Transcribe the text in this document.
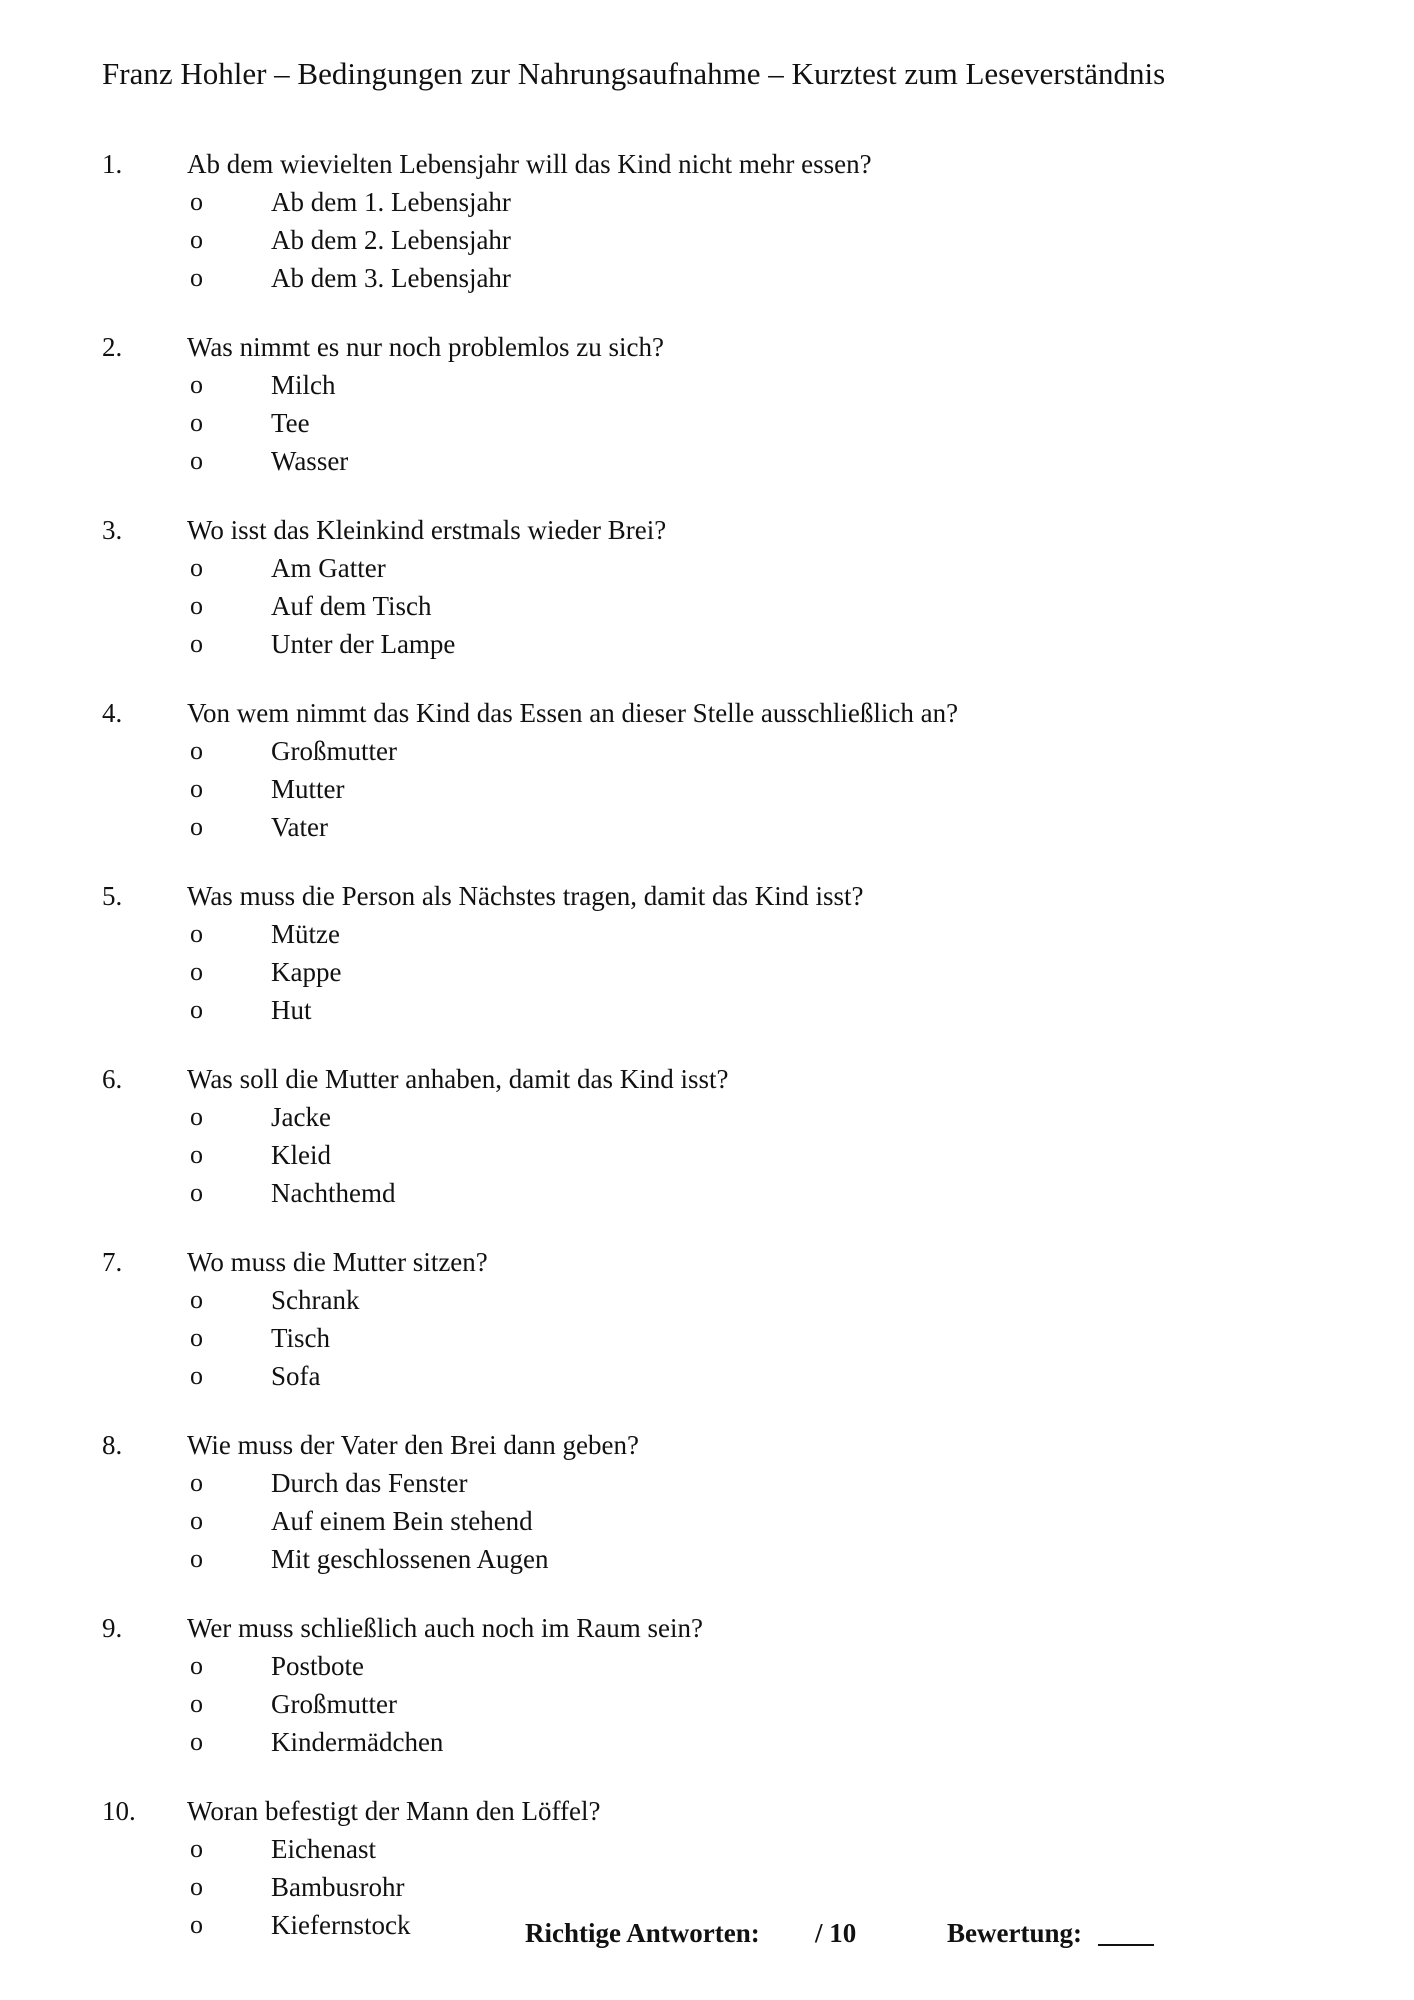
Franz Hohler – Bedingungen zur Nahrungsaufnahme – Kurztest zum Leseverständnis
1. Ab dem wievielten Lebensjahr will das Kind nicht mehr essen?
o	Ab dem 1. Lebensjahr
o	Ab dem 2. Lebensjahr
o	Ab dem 3. Lebensjahr
2. Was nimmt es nur noch problemlos zu sich?
o	Milch
o	Tee
o	Wasser
3. Wo isst das Kleinkind erstmals wieder Brei?
o	Am Gatter
o	Auf dem Tisch
o	Unter der Lampe
4. Von wem nimmt das Kind das Essen an dieser Stelle ausschließlich an?
o	Großmutter
o	Mutter
o	Vater
5. Was muss die Person als Nächstes tragen, damit das Kind isst?
o	Mütze
o	Kappe
o	Hut
6. Was soll die Mutter anhaben, damit das Kind isst?
o	Jacke
o	Kleid
o	Nachthemd
7. Wo muss die Mutter sitzen?
o	Schrank
o	Tisch
o	Sofa
8. Wie muss der Vater den Brei dann geben?
o	Durch das Fenster
o	Auf einem Bein stehend
o	Mit geschlossenen Augen
9. Wer muss schließlich auch noch im Raum sein?
o	Postbote
o	Großmutter
o	Kindermädchen
10. Woran befestigt der Mann den Löffel?
o	Eichenast
o	Bambusrohr
o	Kiefernstock	Richtige Antworten: / 10	Bewertung:
